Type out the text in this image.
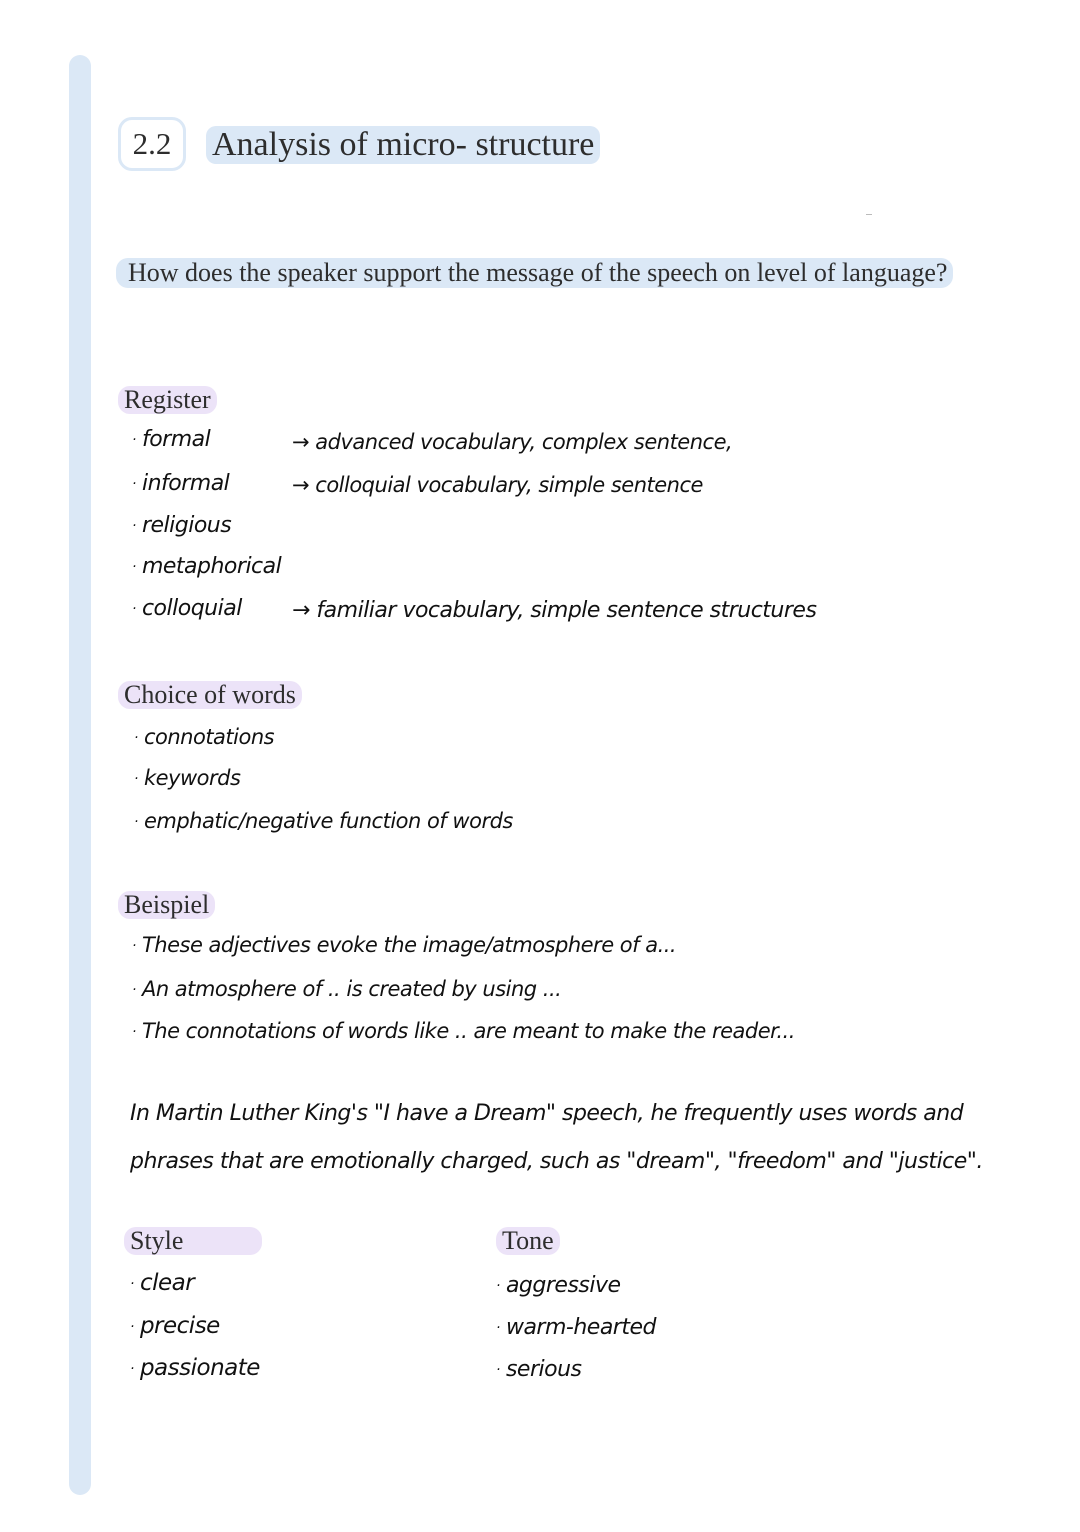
2.2	Analysis of micro- structure
How does the speaker support the message of the speech on level of language?
Register
· formal
· informal
· religious
· metaphorical
· colloquial
→ advanced vocabulary, complex sentence,
→ colloquial vocabulary, simple sentence
→ familiar vocabulary, simple sentence structures
Choice of words
· connotations
· keywords
· emphatic/negative function of words
Beispiel
· These adjectives evoke the image/atmosphere of a...
· An atmosphere of .. is created by using ...
· The connotations of words like .. are meant to make the reader...
In Martin Luther King's "I have a Dream" speech, he frequently uses words and
phrases that are emotionally charged, such as "dream", "freedom" and "justice".
Style
· clear
· precise
· passionate
Tone
· aggressive
· warm-hearted
· serious
